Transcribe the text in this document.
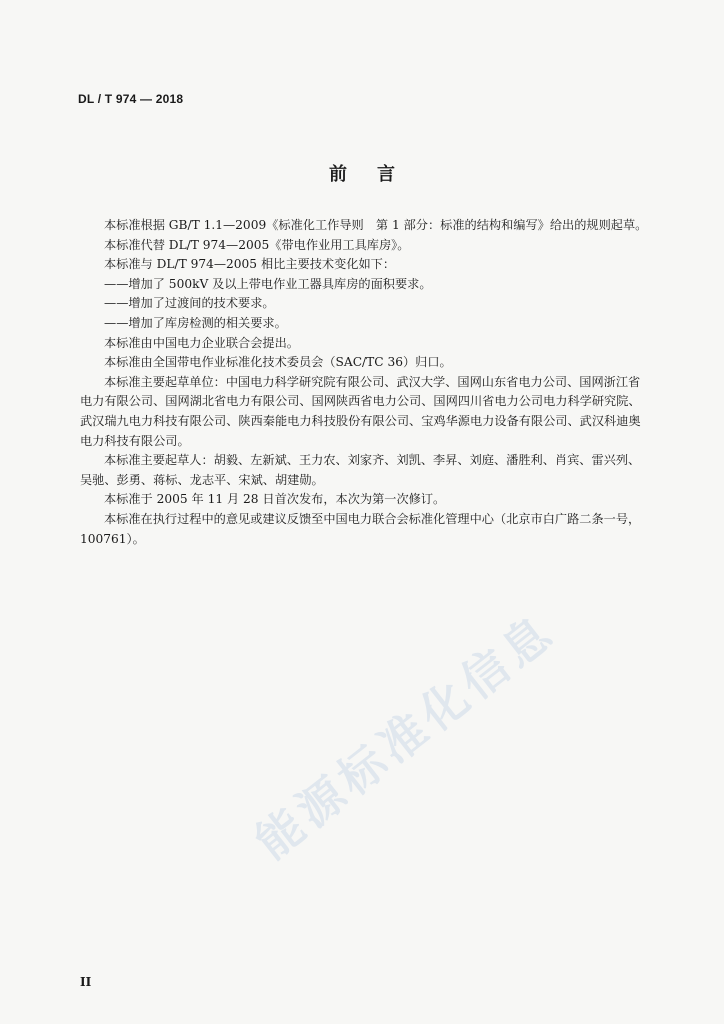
DL / T 974 — 2018
前言

本标准根据 GB/T 1.1—2009《标准化工作导则　第 1 部分：标准的结构和编写》给出的规则起草。

本标准代替 DL/T 974—2005《带电作业用工具库房》。

本标准与 DL/T 974—2005 相比主要技术变化如下：

——增加了 500kV 及以上带电作业工器具库房的面积要求。

——增加了过渡间的技术要求。

——增加了库房检测的相关要求。

本标准由中国电力企业联合会提出。

本标准由全国带电作业标准化技术委员会（SAC/TC 36）归口。

本标准主要起草单位：中国电力科学研究院有限公司、武汉大学、国网山东省电力公司、国网浙江省电力有限公司、国网湖北省电力有限公司、国网陕西省电力公司、国网四川省电力公司电力科学研究院、武汉瑞九电力科技有限公司、陕西秦能电力科技股份有限公司、宝鸡华源电力设备有限公司、武汉科迪奥电力科技有限公司。

本标准主要起草人：胡毅、左新斌、王力农、刘家齐、刘凯、李昇、刘庭、潘胜利、肖宾、雷兴列、吴驰、彭勇、蒋标、龙志平、宋斌、胡建勋。

本标准于 2005 年 11 月 28 日首次发布，本次为第一次修订。

本标准在执行过程中的意见或建议反馈至中国电力联合会标准化管理中心（北京市白广路二条一号，100761）。

能源标准化信息
II
